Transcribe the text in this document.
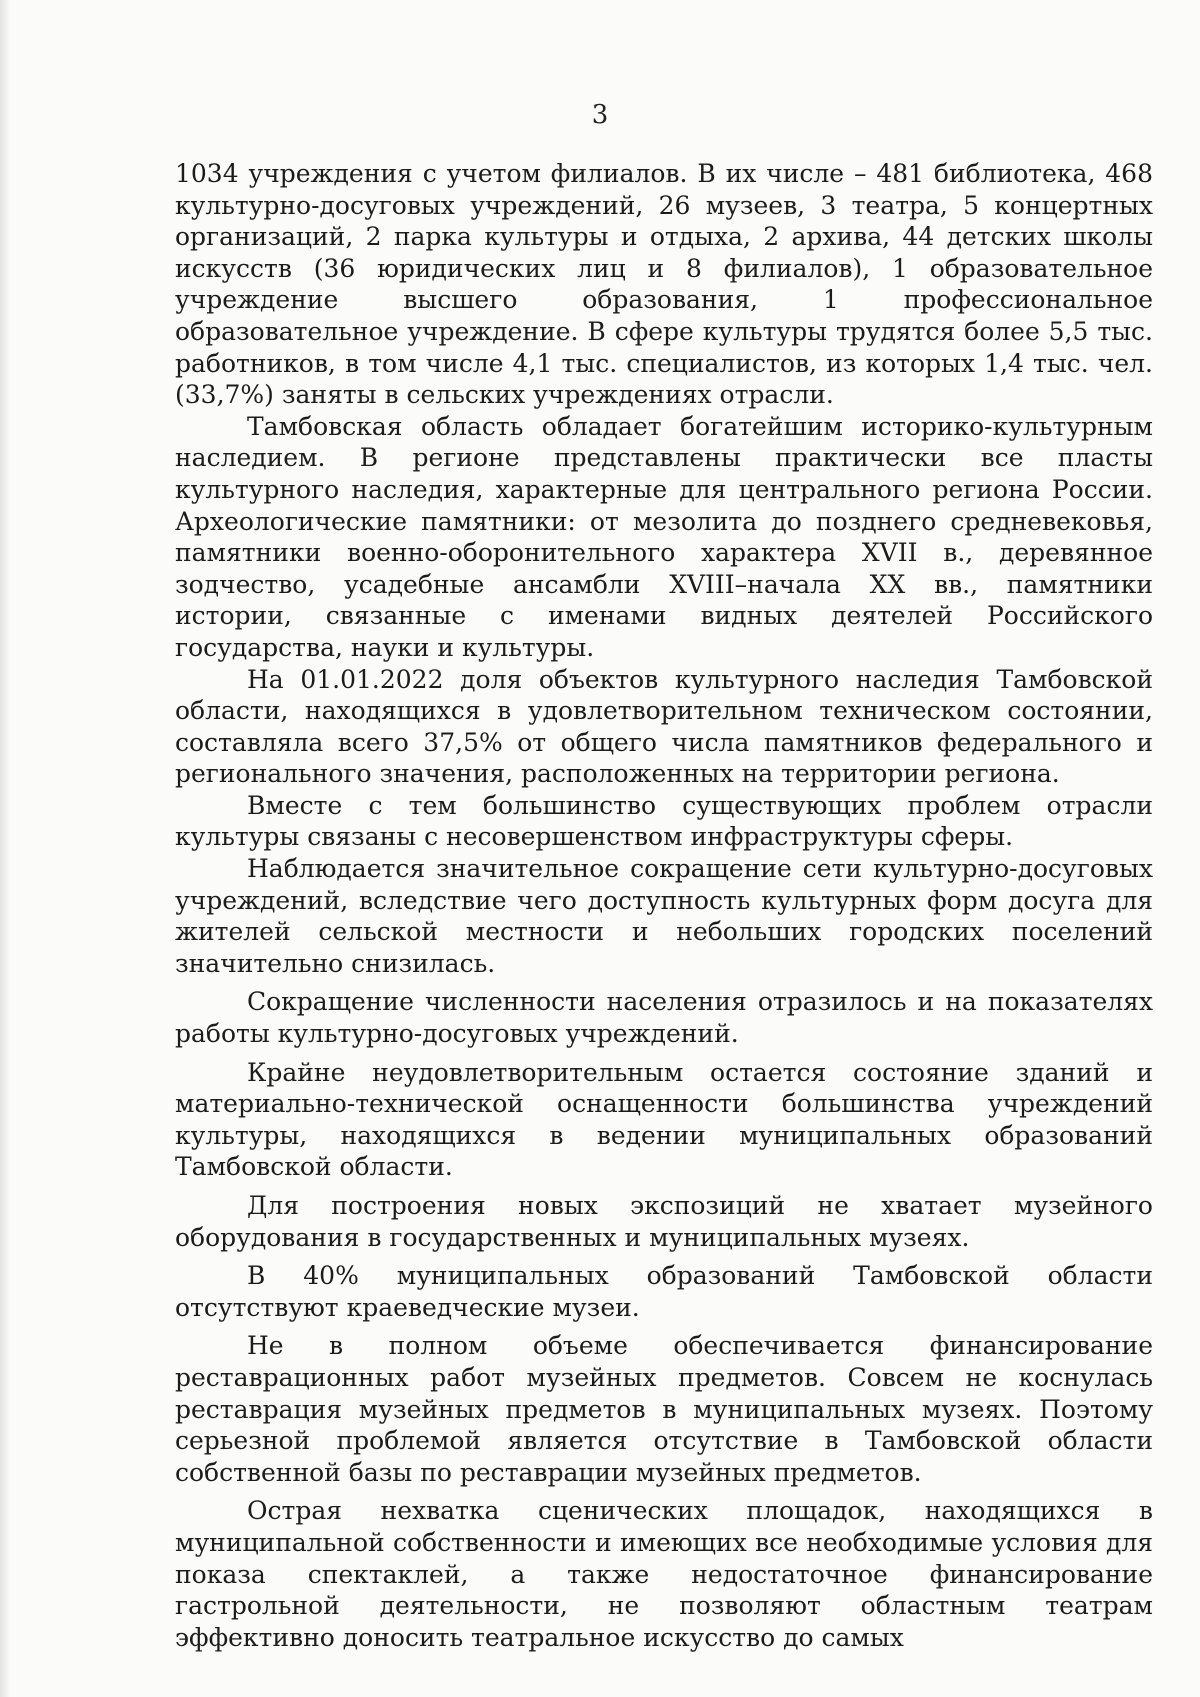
3

1034 учреждения с учетом филиалов. В их числе – 481 библиотека, 468 культурно-досуговых учреждений, 26 музеев, 3 театра, 5 концертных организаций, 2 парка культуры и отдыха, 2 архива, 44 детских школы искусств (36 юридических лиц и 8 филиалов), 1 образовательное учреждение высшего образования, 1 профессиональное образовательное учреждение. В сфере культуры трудятся более 5,5 тыс. работников, в том числе 4,1 тыс. специалистов, из которых 1,4 тыс. чел. (33,7%) заняты в сельских учреждениях отрасли.

Тамбовская область обладает богатейшим историко-культурным наследием. В регионе представлены практически все пласты культурного наследия, характерные для центрального региона России. Археологические памятники: от мезолита до позднего средневековья, памятники военно-оборонительного характера XVII в., деревянное зодчество, усадебные ансамбли XVIII–начала XX вв., памятники истории, связанные с именами видных деятелей Российского государства, науки и культуры.

На 01.01.2022 доля объектов культурного наследия Тамбовской области, находящихся в удовлетворительном техническом состоянии, составляла всего 37,5% от общего числа памятников федерального и регионального значения, расположенных на территории региона.

Вместе с тем большинство существующих проблем отрасли культуры связаны с несовершенством инфраструктуры сферы.

Наблюдается значительное сокращение сети культурно-досуговых учреждений, вследствие чего доступность культурных форм досуга для жителей сельской местности и небольших городских поселений значительно снизилась.

Сокращение численности населения отразилось и на показателях работы культурно-досуговых учреждений.

Крайне неудовлетворительным остается состояние зданий и материально-технической оснащенности большинства учреждений культуры, находящихся в ведении муниципальных образований Тамбовской области.

Для построения новых экспозиций не хватает музейного оборудования в государственных и муниципальных музеях.

В 40% муниципальных образований Тамбовской области отсутствуют краеведческие музеи.

Не в полном объеме обеспечивается финансирование реставрационных работ музейных предметов. Совсем не коснулась реставрация музейных предметов в муниципальных музеях. Поэтому серьезной проблемой является отсутствие в Тамбовской области собственной базы по реставрации музейных предметов.

Острая нехватка сценических площадок, находящихся в муниципальной собственности и имеющих все необходимые условия для показа спектаклей, а также недостаточное финансирование гастрольной деятельности, не позволяют областным театрам эффективно доносить театральное искусство до самых
